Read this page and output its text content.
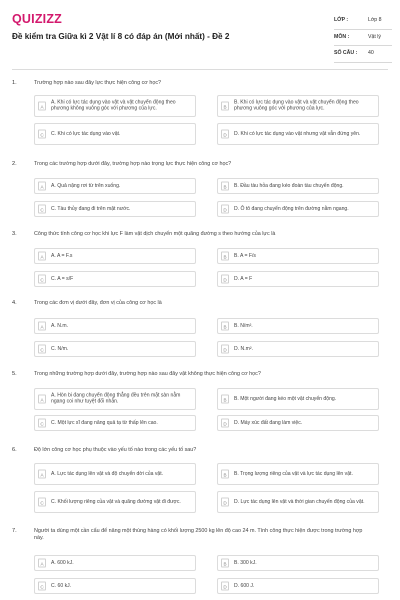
QUIZIZZ
Đề kiểm tra Giữa kì 2 Vật lí 8 có đáp án (Mới nhất) - Đề 2
LỚP :	Lớp 8
MÔN :	Vật lý
SỐ CÂU : 40
1.	Trường hợp nào sau đây lực thực hiện công cơ học?
A
A. Khi có lực tác dụng vào vật và vật chuyển động theo phương không vuông góc với phương của lực.	B
B. Khi có lực tác dụng vào vật và vật chuyển động theo phương vuông góc với phương của lực.
C	C. Khi có lực tác dụng vào vật.	D	D. Khi có lực tác dụng vào vật nhưng vật vẫn đứng yên.
2.	Trong các trường hợp dưới đây, trường hợp nào trọng lực thực hiện công cơ học?
A	A. Quả nặng rơi từ trên xuống.	B	B. Đầu tàu hỏa đang kéo đoàn tàu chuyển động.
C	C. Tàu thủy đang đi trên mặt nước.	D	D. Ô tô đang chuyển động trên đường nằm ngang.
3.	Công thức tính công cơ học khi lực F làm vật dịch chuyển một quãng đường s theo hướng của lực là
A	A. A = F.s	B	B. A = F/s
C	C. A = s/F	D	D. A = F
4.	Trong các đơn vị dưới đây, đơn vị của công cơ học là
A	A. N.m.	B	B. N/m².
C	C. N/m.	D	D. N.m².
5.	Trong những trường hợp dưới đây, trường hợp nào sau đây vật không thực hiện công cơ học?
A
A. Hòn bi đang chuyển động thẳng đều trên mặt sàn nằm ngang coi như tuyệt đối nhẵn.	B	B. Một người đang kéo một vật chuyển động.
C	C. Một lực sĩ đang nâng quả tạ từ thấp lên cao.	D	D. Máy xúc đất đang làm việc.
6.	Độ lớn công cơ học phụ thuộc vào yếu tố nào trong các yếu tố sau?
A	A. Lực tác dụng lên vật và độ chuyển dời của vật.	B	B. Trọng lượng riêng của vật và lực tác dụng lên vật.
C	C. Khối lượng riêng của vật và quãng đường vật đi được.	D	D. Lực tác dụng lên vật và thời gian chuyển động của vật.
7.	Người ta dùng một cần cẩu để nâng một thùng hàng có khối lượng 2500 kg lên độ cao 24 m. Tính công thực hiện được trong trường hợp này.
A	A. 600 kJ.	B	B. 300 kJ.
C	C. 60 kJ.	D	D. 600 J.
